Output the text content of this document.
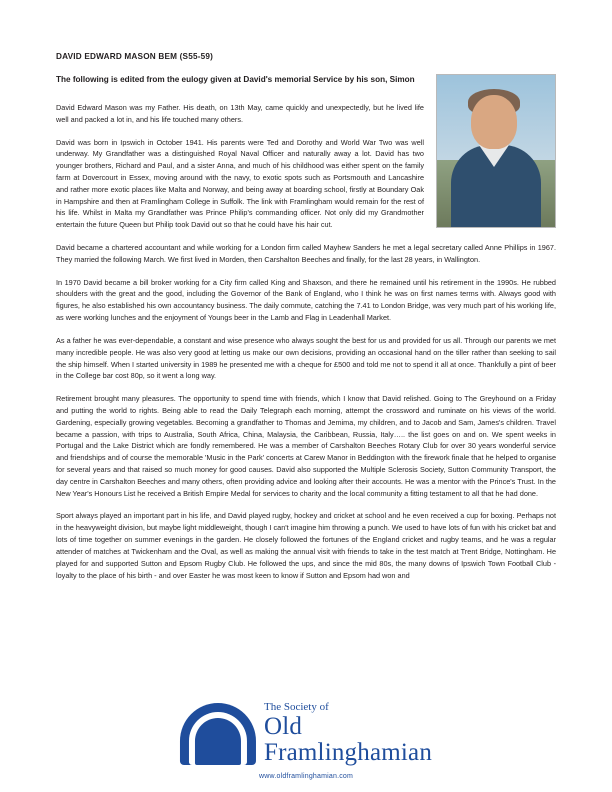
DAVID EDWARD MASON BEM (S55-59)

The following is edited from the eulogy given at David's memorial Service by his son, Simon

David Edward Mason was my Father. His death, on 13th May, came quickly and unexpectedly, but he lived life well and packed a lot in, and his life touched many others.

David was born in Ipswich in October 1941. His parents were Ted and Dorothy and World War Two was well underway. My Grandfather was a distinguished Royal Naval Officer and naturally away a lot. David has two younger brothers, Richard and Paul, and a sister Anna, and much of his childhood was either spent on the family farm at Dovercourt in Essex, moving around with the navy, to exotic spots such as Portsmouth and Lancashire and rather more exotic places like Malta and Norway, and being away at boarding school, firstly at Boundary Oak in Hampshire and then at Framlingham College in Suffolk. The link with Framlingham would remain for the rest of his life. Whilst in Malta my Grandfather was Prince Philip's commanding officer. Not only did my Grandmother entertain the future Queen but Philip took David out so that he could have his hair cut.

David became a chartered accountant and while working for a London firm called Mayhew Sanders he met a legal secretary called Anne Phillips in 1967. They married the following March. We first lived in Morden, then Carshalton Beeches and finally, for the last 28 years, in Wallington.

In 1970 David became a bill broker working for a City firm called King and Shaxson, and there he remained until his retirement in the 1990s. He rubbed shoulders with the great and the good, including the Governor of the Bank of England, who I think he was on first names terms with. Always good with figures, he also established his own accountancy business. The daily commute, catching the 7.41 to London Bridge, was very much part of his working life, as were working lunches and the enjoyment of Youngs beer in the Lamb and Flag in Leadenhall Market.

As a father he was ever-dependable, a constant and wise presence who always sought the best for us and provided for us all. Through our parents we met many incredible people. He was also very good at letting us make our own decisions, providing an occasional hand on the tiller rather than seeking to sail the ship himself. When I started university in 1989 he presented me with a cheque for £500 and told me not to spend it all at once. Thankfully a pint of beer in the College bar cost 80p, so it went a long way.

Retirement brought many pleasures. The opportunity to spend time with friends, which I know that David relished. Going to The Greyhound on a Friday and putting the world to rights. Being able to read the Daily Telegraph each morning, attempt the crossword and ruminate on his views of the world. Gardening, especially growing vegetables. Becoming a grandfather to Thomas and Jemima, my children, and to Jacob and Sam, James's children. Travel became a passion, with trips to Australia, South Africa, China, Malaysia, the Caribbean, Russia, Italy….. the list goes on and on. We spent weeks in Portugal and the Lake District which are fondly remembered. He was a member of Carshalton Beeches Rotary Club for over 30 years wonderful service and friendships and of course the memorable 'Music in the Park' concerts at Carew Manor in Beddington with the firework finale that he helped to organise for several years and that raised so much money for good causes. David also supported the Multiple Sclerosis Society, Sutton Community Transport, the day centre in Carshalton Beeches and many others, often providing advice and looking after their accounts. He was a mentor with the Prince's Trust. In the New Year's Honours List he received a British Empire Medal for services to charity and the local community a fitting testament to all that he had done.

Sport always played an important part in his life, and David played rugby, hockey and cricket at school and he even received a cup for boxing. Perhaps not in the heavyweight division, but maybe light middleweight, though I can't imagine him throwing a punch. We used to have lots of fun with his cricket bat and lots of time together on summer evenings in the garden. He closely followed the fortunes of the England cricket and rugby teams, and he was a regular attender of matches at Twickenham and the Oval, as well as making the annual visit with friends to take in the test match at Trent Bridge, Nottingham. He played for and supported Sutton and Epsom Rugby Club. He followed the ups, and since the mid 80s, the many downs of Ipswich Town Football Club - loyalty to the place of his birth - and over Easter he was most keen to know if Sutton and Epsom had won and

The Society of
Old
Framlinghamian
www.oldframlinghamian.com
